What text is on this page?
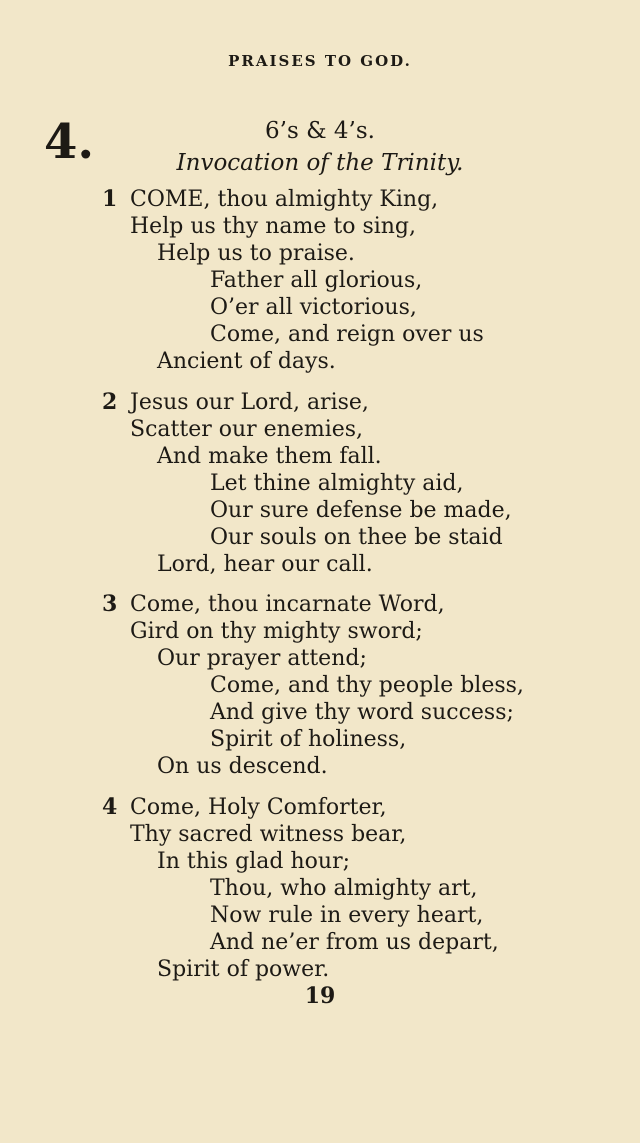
PRAISES TO GOD.
4.	6’s & 4’s.
Invocation of the Trinity.
1 COME, thou almighty King,
Help us thy name to sing,
Help us to praise.
Father all glorious,
O’er all victorious,
Come, and reign over us
Ancient of days.
2 Jesus our Lord, arise,
Scatter our enemies,
And make them fall.
Let thine almighty aid,
Our sure defense be made,
Our souls on thee be staid
Lord, hear our call.
3 Come, thou incarnate Word,
Gird on thy mighty sword;
Our prayer attend;
Come, and thy people bless,
And give thy word success;
Spirit of holiness,
On us descend.
4 Come, Holy Comforter,
Thy sacred witness bear,
In this glad hour;
Thou, who almighty art,
Now rule in every heart,
And ne’er from us depart,
Spirit of power.
19
